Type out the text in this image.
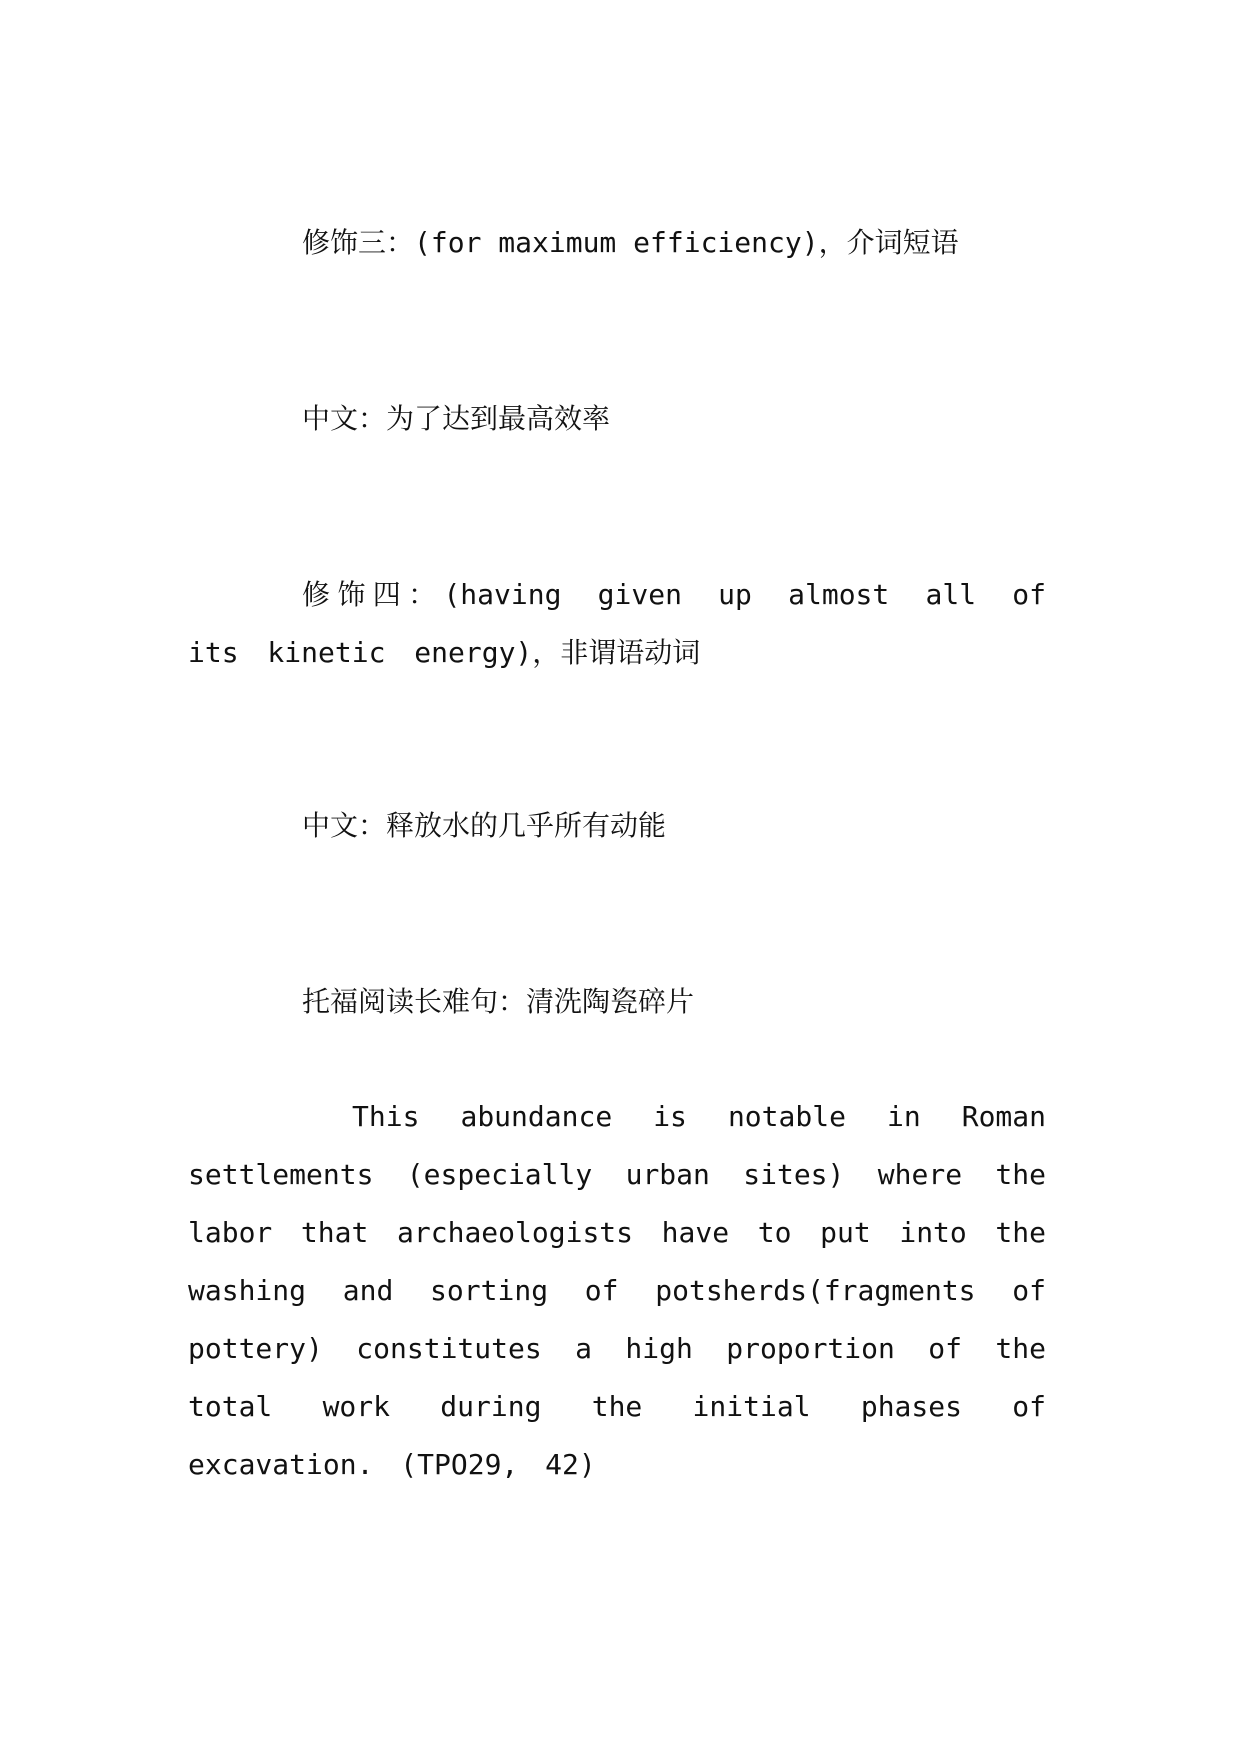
修饰三：(for maximum efficiency)，介词短语

中文：为了达到最高效率

修饰四：(having given up almost all of its kinetic energy)，非谓语动词

中文：释放水的几乎所有动能

托福阅读长难句：清洗陶瓷碎片

This abundance is notable in Roman settlements (especially urban sites) where the labor that archaeologists have to put into the washing and sorting of potsherds(fragments of pottery) constitutes a high proportion of the total work during the initial phases of excavation. (TPO29, 42)
